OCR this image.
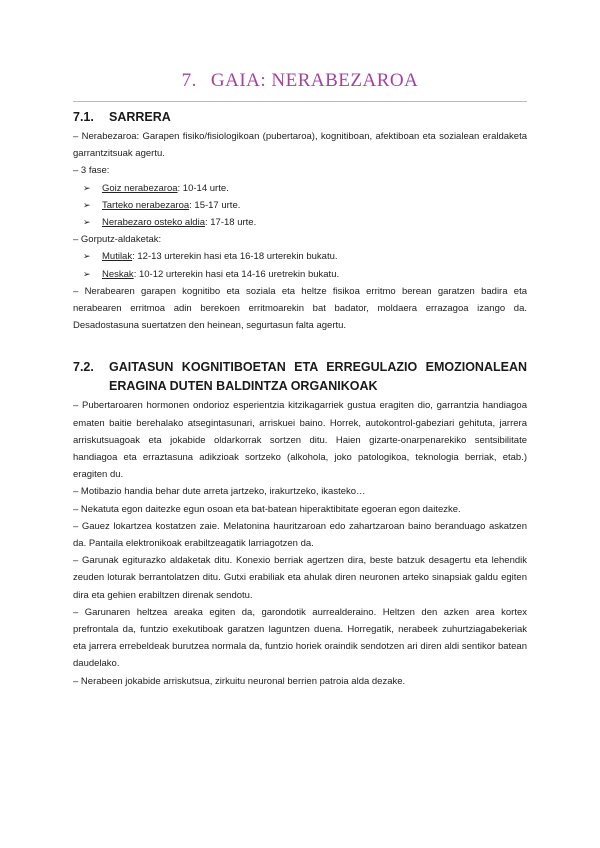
7. GAIA: NERABEZAROA
7.1.	SARRERA

– Nerabezaroa: Garapen fisiko/fisiologikoan (pubertaroa), kognitiboan, afektiboan eta sozialean eraldaketa garrantzitsuak agertu.

– 3 fase:

➢	Goiz nerabezaroa: 10-14 urte.
➢	Tarteko nerabezaroa: 15-17 urte.
➢	Nerabezaro osteko aldia: 17-18 urte.

– Gorputz-aldaketak:

➢	Mutilak: 12-13 urterekin hasi eta 16-18 urterekin bukatu.
➢	Neskak: 10-12 urterekin hasi eta 14-16 uretrekin bukatu.

– Nerabearen garapen kognitibo eta soziala eta heltze fisikoa erritmo berean garatzen badira eta nerabearen erritmoa adin berekoen erritmoarekin bat badator, moldaera errazagoa izango da. Desadostasuna suertatzen den heinean, segurtasun falta agertu.

7.2.	GAITASUN KOGNITIBOETAN ETA ERREGULAZIO EMOZIONALEAN ERAGINA DUTEN BALDINTZA ORGANIKOAK

– Pubertaroaren hormonen ondorioz esperientzia kitzikagarriek gustua eragiten dio, garrantzia handiagoa ematen baitie berehalako atsegintasunari, arriskuei baino. Horrek, autokontrol-gabeziari gehituta, jarrera arriskutsuagoak eta jokabide oldarkorrak sortzen ditu. Haien gizarte-onarpenarekiko sentsibilitate handiagoa eta erraztasuna adikzioak sortzeko (alkohola, joko patologikoa, teknologia berriak, etab.) eragiten du.

– Motibazio handia behar dute arreta jartzeko, irakurtzeko, ikasteko…

– Nekatuta egon daitezke egun osoan eta bat-batean hiperaktibitate egoeran egon daitezke.

– Gauez lokartzea kostatzen zaie. Melatonina hauritzaroan edo zahartzaroan baino beranduago askatzen da. Pantaila elektronikoak erabiltzeagatik larriagotzen da.

– Garunak egiturazko aldaketak ditu. Konexio berriak agertzen dira, beste batzuk desagertu eta lehendik zeuden loturak berrantolatzen ditu. Gutxi erabiliak eta ahulak diren neuronen arteko sinapsiak galdu egiten dira eta gehien erabiltzen direnak sendotu.

– Garunaren heltzea areaka egiten da, garondotik aurrealderaino. Heltzen den azken area kortex prefrontala da, funtzio exekutiboak garatzen laguntzen duena. Horregatik, nerabeek zuhurtziagabekeriak eta jarrera errebeldeak burutzea normala da, funtzio horiek oraindik sendotzen ari diren aldi sentikor batean daudelako.

– Nerabeen jokabide arriskutsua, zirkuitu neuronal berrien patroia alda dezake.
